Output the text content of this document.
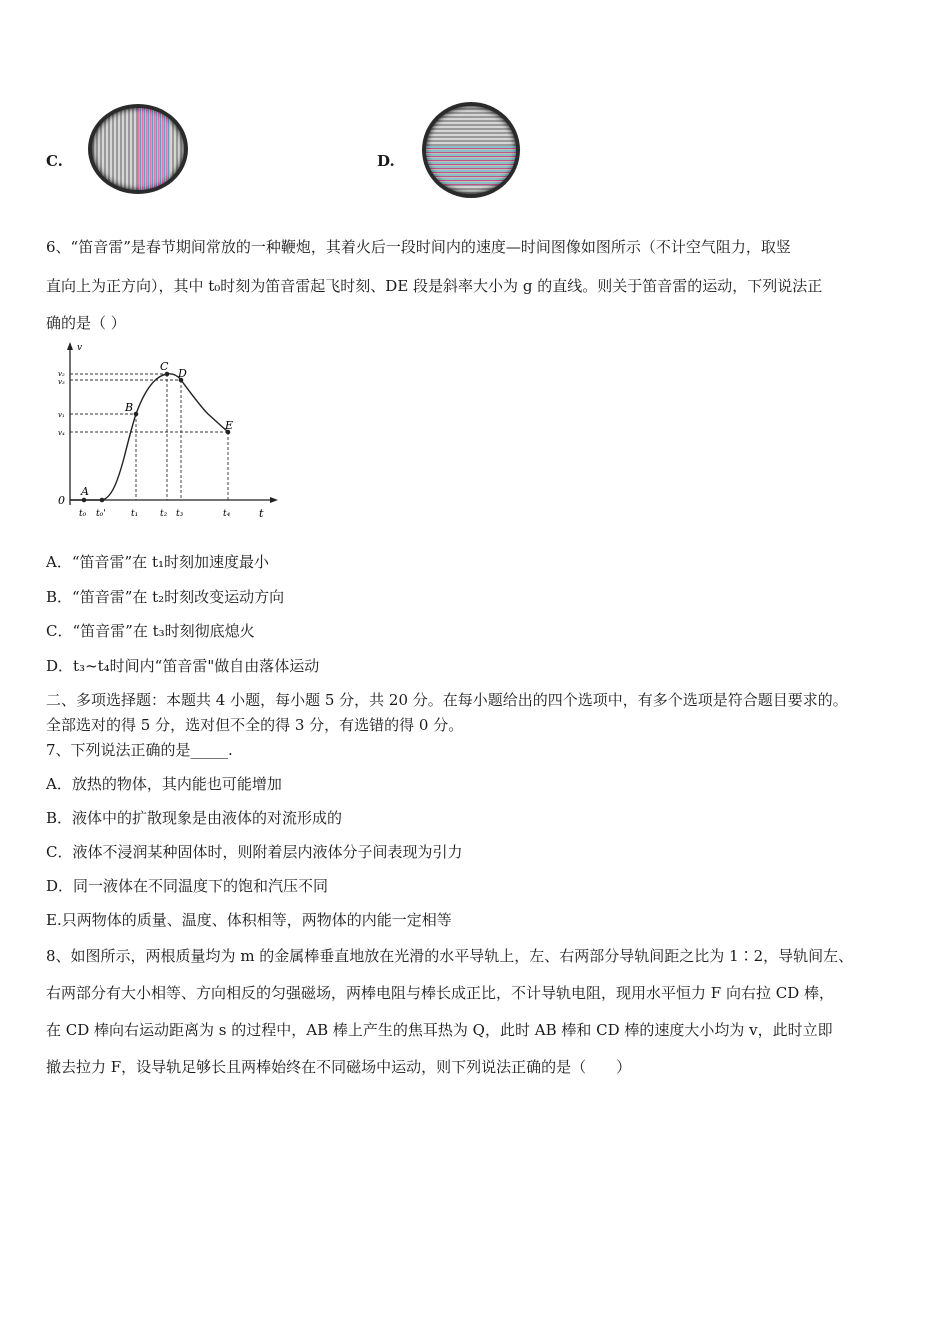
C.	D.
6、“笛音雷”是春节期间常放的一种鞭炮，其着火后一段时间内的速度—时间图像如图所示（不计空气阻力，取竖
直向上为正方向），其中 t₀时刻为笛音雷起飞时刻、DE 段是斜率大小为 g 的直线。则关于笛音雷的运动，下列说法正
确的是（ ）
v
t
0
A
B
C
D
E
v₂
v₃
v₁
v₄
t₀ t₀'	t₁ t₂ t₃	t₄
A．“笛音雷”在 t₁时刻加速度最小
B．“笛音雷”在 t₂时刻改变运动方向
C．“笛音雷”在 t₃时刻彻底熄火
D．t₃~t₄时间内“笛音雷"做自由落体运动
二、多项选择题：本题共 4 小题，每小题 5 分，共 20 分。在每小题给出的四个选项中，有多个选项是符合题目要求的。
全部选对的得 5 分，选对但不全的得 3 分，有选错的得 0 分。
7、下列说法正确的是_____.
A．放热的物体，其内能也可能增加
B．液体中的扩散现象是由液体的对流形成的
C．液体不浸润某种固体时，则附着层内液体分子间表现为引力
D．同一液体在不同温度下的饱和汽压不同
E.只两物体的质量、温度、体积相等，两物体的内能一定相等
8、如图所示，两根质量均为 m 的金属棒垂直地放在光滑的水平导轨上，左、右两部分导轨间距之比为 1∶2，导轨间左、
右两部分有大小相等、方向相反的匀强磁场，两棒电阻与棒长成正比，不计导轨电阻，现用水平恒力 F 向右拉 CD 棒，
在 CD 棒向右运动距离为 s 的过程中，AB 棒上产生的焦耳热为 Q，此时 AB 棒和 CD 棒的速度大小均为 v，此时立即
撤去拉力 F，设导轨足够长且两棒始终在不同磁场中运动，则下列说法正确的是（　　）
